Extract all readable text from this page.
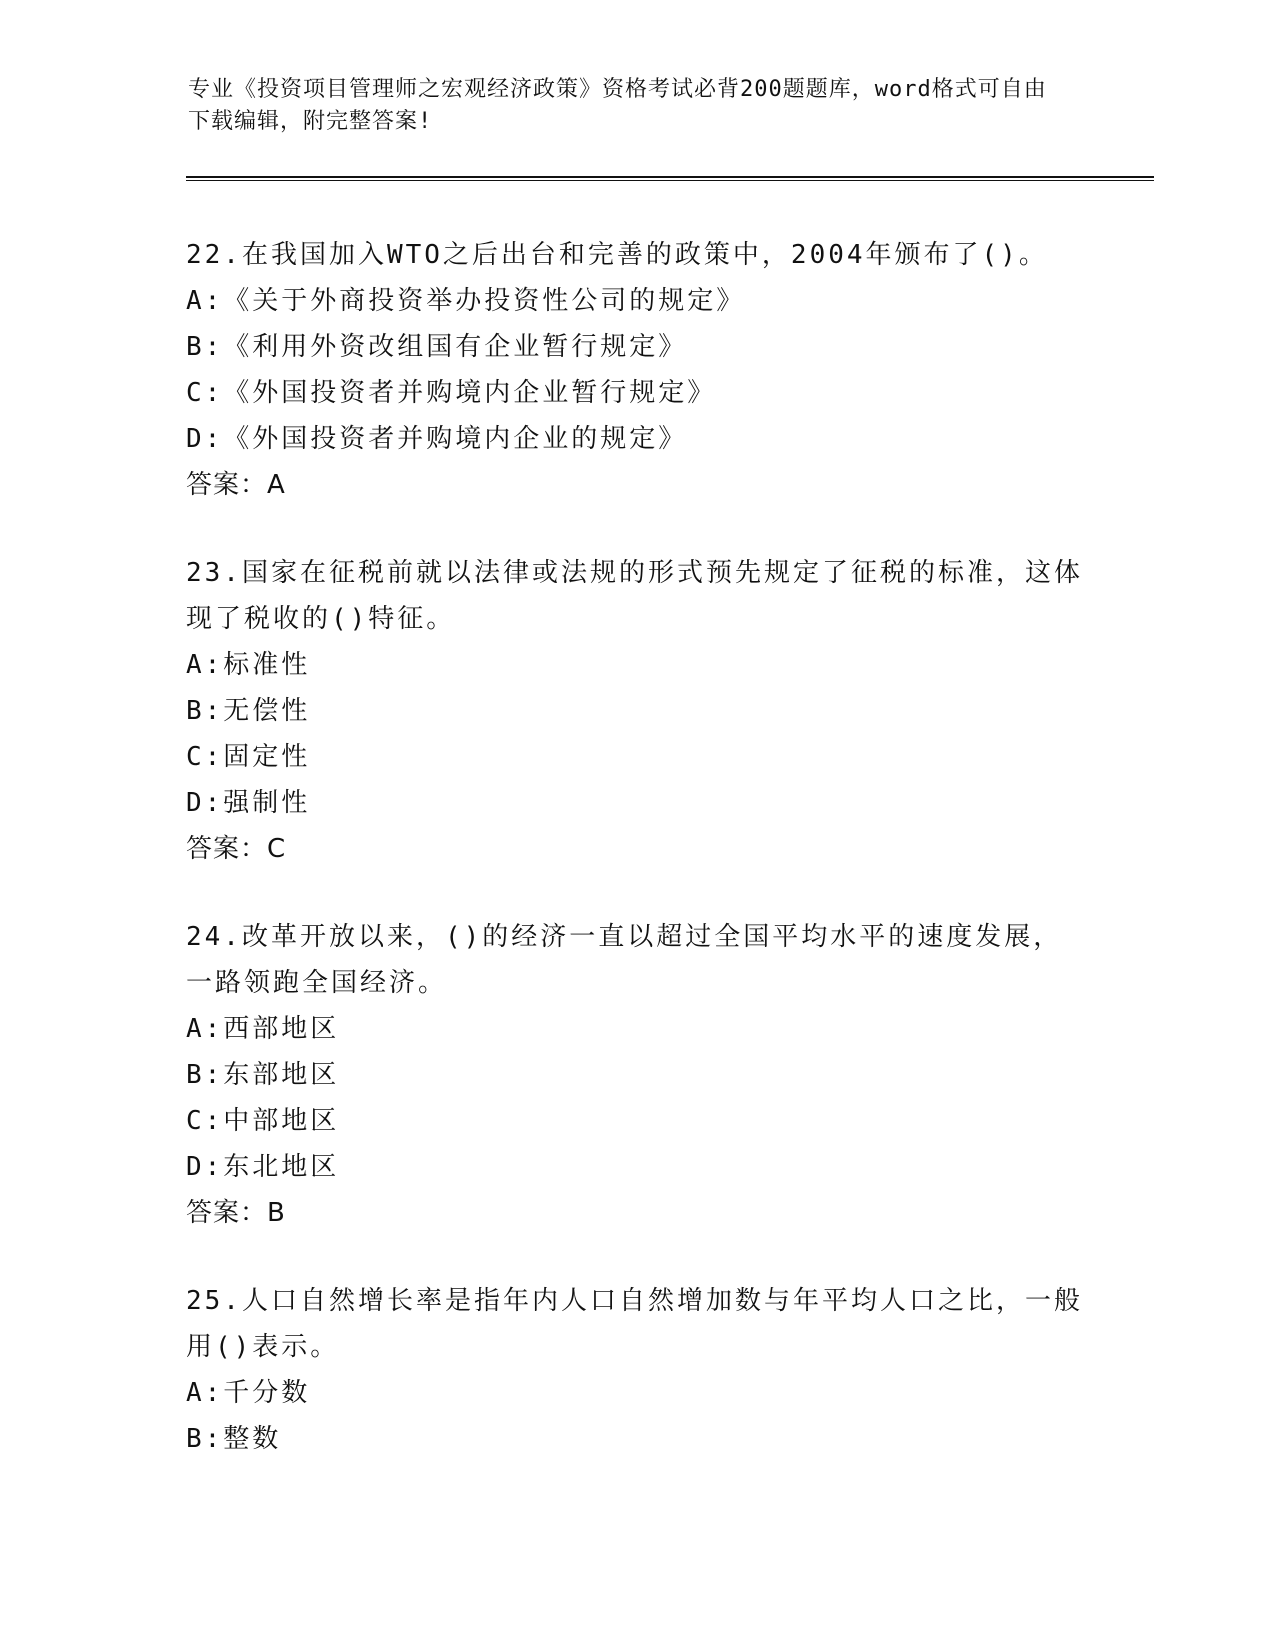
专业《投资项目管理师之宏观经济政策》资格考试必背200题题库，word格式可自由下载编辑，附完整答案!
22.在我国加入WTO之后出台和完善的政策中，2004年颁布了()。
A:《关于外商投资举办投资性公司的规定》
B:《利用外资改组国有企业暂行规定》
C:《外国投资者并购境内企业暂行规定》
D:《外国投资者并购境内企业的规定》
答案：A
23.国家在征税前就以法律或法规的形式预先规定了征税的标准，这体现了税收的()特征。
A:标准性
B:无偿性
C:固定性
D:强制性
答案：C
24.改革开放以来，()的经济一直以超过全国平均水平的速度发展，一路领跑全国经济。
A:西部地区
B:东部地区
C:中部地区
D:东北地区
答案：B
25.人口自然增长率是指年内人口自然增加数与年平均人口之比，一般用()表示。
A:千分数
B:整数
